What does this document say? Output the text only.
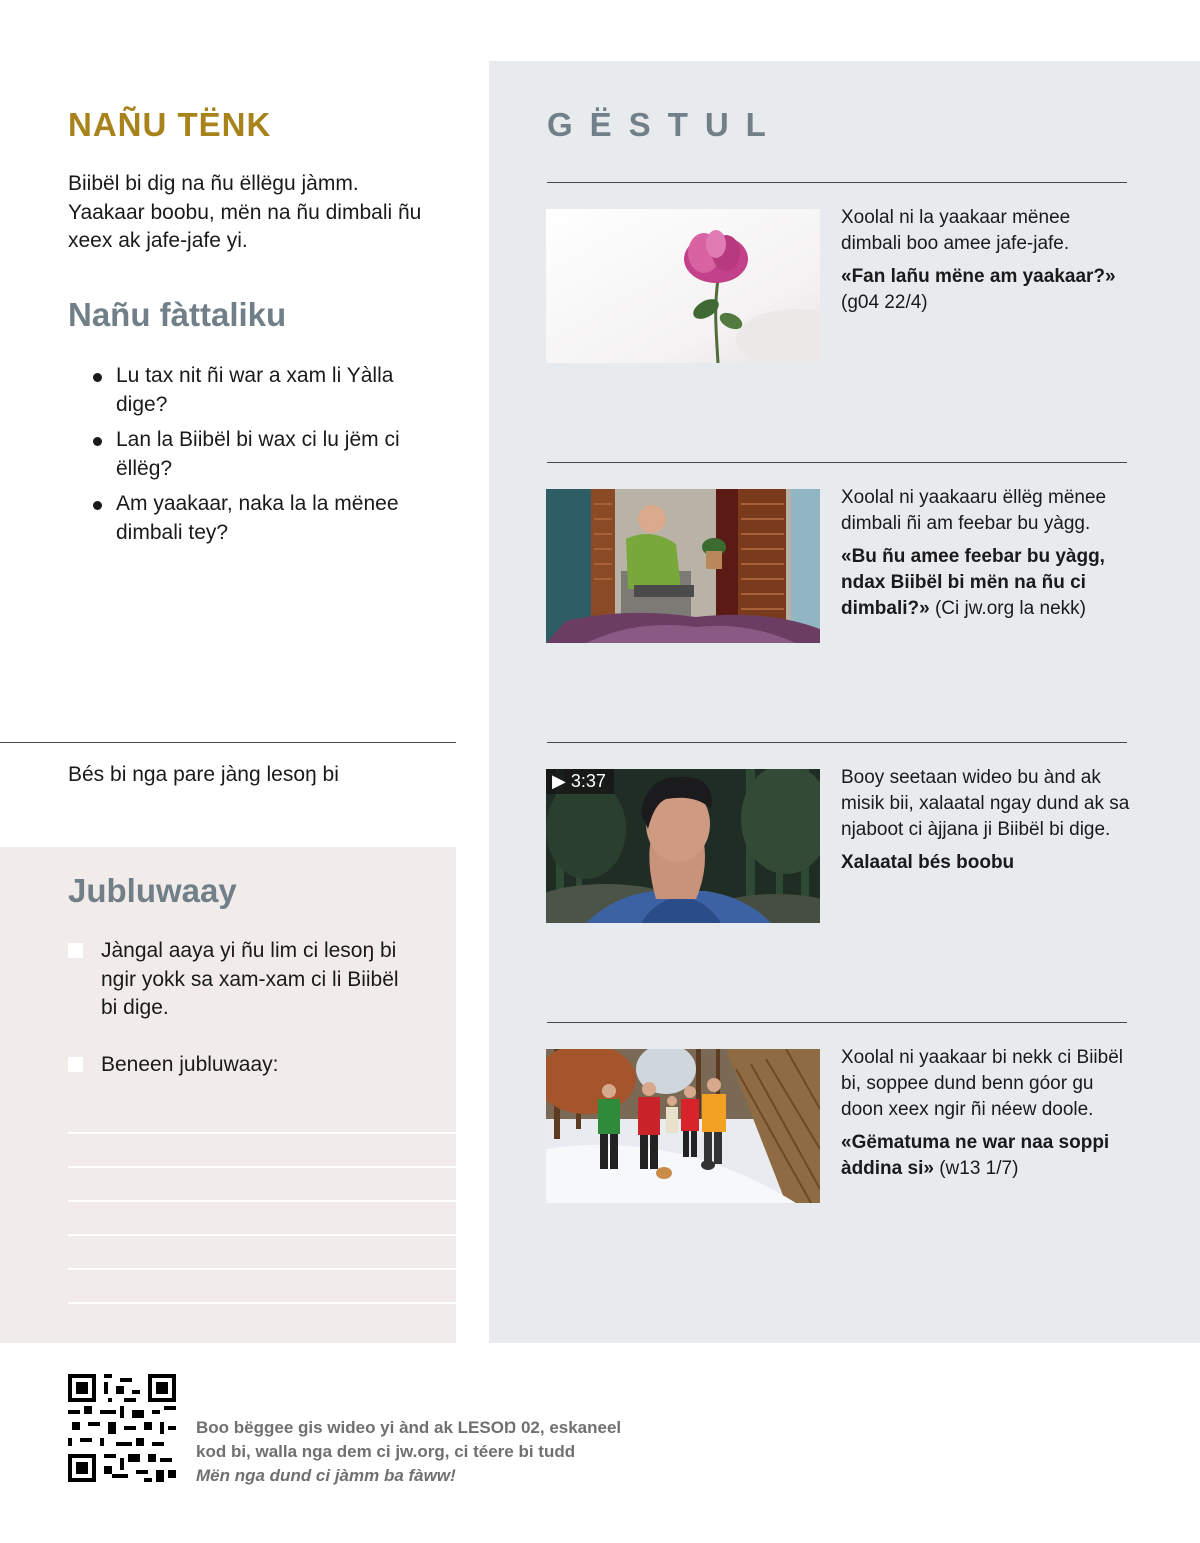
NAÑU TËNK
Biibël bi dig na ñu ëllëgu jàmm. Yaakaar boobu, mën na ñu dimbali ñu xeex ak jafe-jafe yi.
Nañu fàttaliku
Lu tax nit ñi war a xam li Yàlla dige?
Lan la Biibël bi wax ci lu jëm ci ëllëg?
Am yaakaar, naka la la mënee dimbali tey?
Bés bi nga pare jàng lesoŋ bi
Jubluwaay
Jàngal aaya yi ñu lim ci lesoŋ bi ngir yokk sa xam-xam ci li Biibël bi dige.
Beneen jubluwaay:
GËSTUL

Xoolal ni la yaakaar mënee dimbali boo amee jafe-jafe.

«Fan lañu mëne am yaakaar?» (g04 22/4)

Xoolal ni yaakaaru ëllëg mënee dimbali ñi am feebar bu yàgg.

«Bu ñu amee feebar bu yàgg, ndax Biibël bi mën na ñu ci dimbali?» (Ci jw.org la nekk)

▶ 3:37	Booy seetaan wideo bu ànd ak misik bii, xalaatal ngay dund ak sa njaboot ci àjjana ji Biibël bi dige.

Xalaatal bés boobu

Xoolal ni yaakaar bi nekk ci Biibël bi, soppee dund benn góor gu doon xeex ngir ñi néew doole.

«Gëmatuma ne war naa soppi àddina si» (w13 1/7)

Boo bëggee gis wideo yi ànd ak LESOŊ 02, eskaneel kod bi, walla nga dem ci jw.org, ci téere bi tudd
Mën nga dund ci jàmm ba fàww!
